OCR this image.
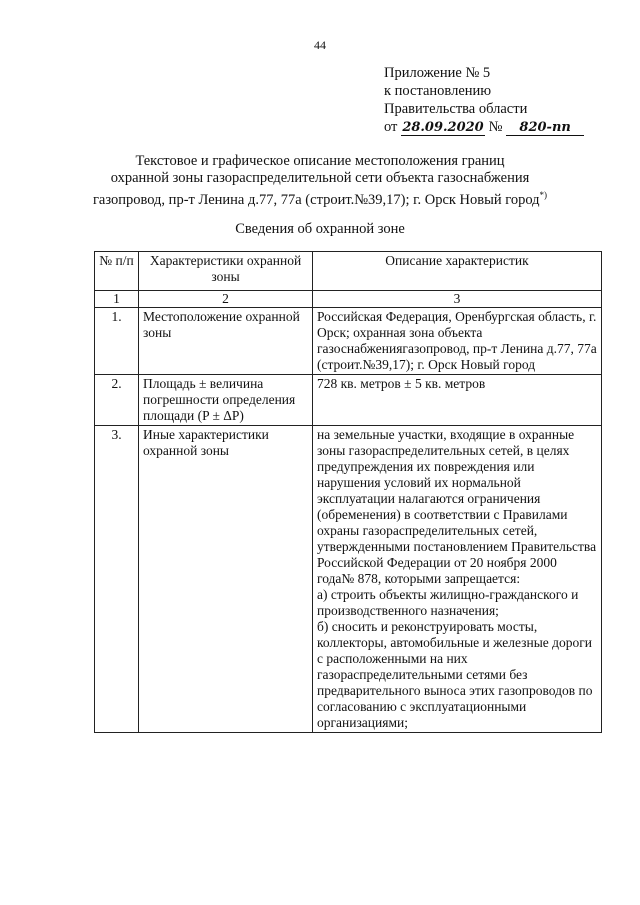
44
Приложение № 5
к постановлению
Правительства области
от 28.09.2020 № 820-пп
Текстовое и графическое описание местоположения границ
охранной зоны газораспределительной сети объекта газоснабжения
газопровод, пр-т Ленина д.77, 77а (строит.№39,17); г. Орск Новый город*)
Сведения об охранной зоне
№ п/п	Характеристики охранной зоны	Описание характеристик
1	2	3
1.	Местоположение охранной зоны	Российская Федерация, Оренбургская область, г. Орск; охранная зона объекта газоснабжениягазопровод, пр-т Ленина д.77, 77а (строит.№39,17); г. Орск Новый город
2.	Площадь ± величина погрешности определения площади (P ± ΔP)	728 кв. метров ± 5 кв. метров
3.	Иные характеристики охранной зоны	на земельные участки, входящие в охранные зоны газораспределительных сетей, в целях предупреждения их повреждения или нарушения условий их нормальной эксплуатации налагаются ограничения (обременения) в соответствии с Правилами охраны газораспределительных сетей, утвержденными постановлением Правительства Российской Федерации от 20 ноября 2000 года№ 878, которыми запрещается:
а) строить объекты жилищно-гражданского и производственного назначения;
б) сносить и реконструировать мосты, коллекторы, автомобильные и железные дороги с расположенными на них газораспределительными сетями без предварительного выноса этих газопроводов по согласованию с эксплуатационными организациями;
